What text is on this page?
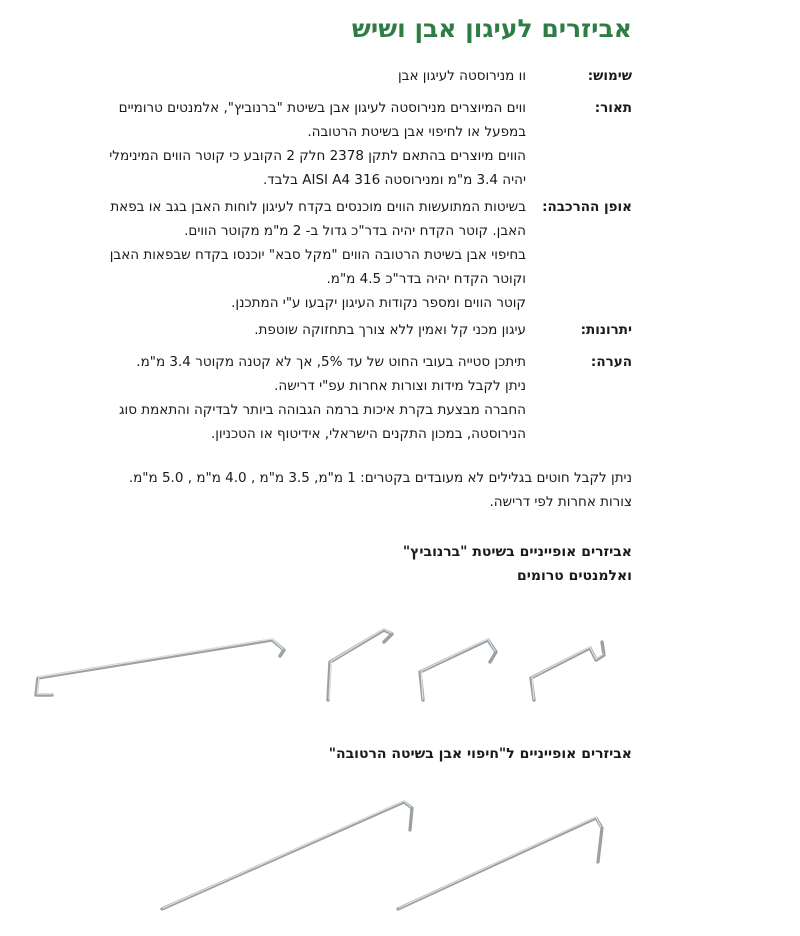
אביזרים לעיגון אבן ושיש
שימוש:
וו מנירוסטה לעיגון אבן
תאור:
ווים המיוצרים מנירוסטה לעיגון אבן בשיטת "ברנוביץ", אלמנטים טרומיים
במפעל או לחיפוי אבן בשיטת הרטובה.
הווים מיוצרים בהתאם לתקן 2378 חלק 2 הקובע כי קוטר הווים המינימלי
יהיה 3.4 מ"מ ומנירוסטה AISI A4 316 בלבד.
אופן ההרכבה:
בשיטות המתועשות הווים מוכנסים בקדח לעיגון לוחות האבן בגב או בפאת
האבן. קוטר הקדח יהיה בדר"כ גדול ב- 2 מ"מ מקוטר הווים.
בחיפוי אבן בשיטת הרטובה הווים "מקל סבא" יוכנסו בקדח שבפאות האבן
וקוטר הקדח יהיה בדר"כ 4.5 מ"מ.
קוטר הווים ומספר נקודות העיגון יקבעו ע"י המתכנן.
יתרונות:
עיגון מכני קל ואמין ללא צורך בתחזוקה שוטפת.
הערה:
תיתכן סטייה בעובי החוט של עד 5%, אך לא קטנה מקוטר 3.4 מ"מ.
ניתן לקבל מידות וצורות אחרות עפ"י דרישה.
החברה מבצעת בקרת איכות ברמה הגבוהה ביותר לבדיקה והתאמת סוג
הנירוסטה, במכון התקנים הישראלי, אידיטוף או הטכניון.
ניתן לקבל חוטים בגלילים לא מעובדים בקטרים: 1 מ"מ, 3.5 מ"מ , 4.0 מ"מ , 5.0 מ"מ.
צורות אחרות לפי דרישה.
אביזרים אופייניים בשיטת "ברנוביץ"
ואלמנטים טרומים
אביזרים אופייניים ל"חיפוי אבן בשיטה הרטובה"
